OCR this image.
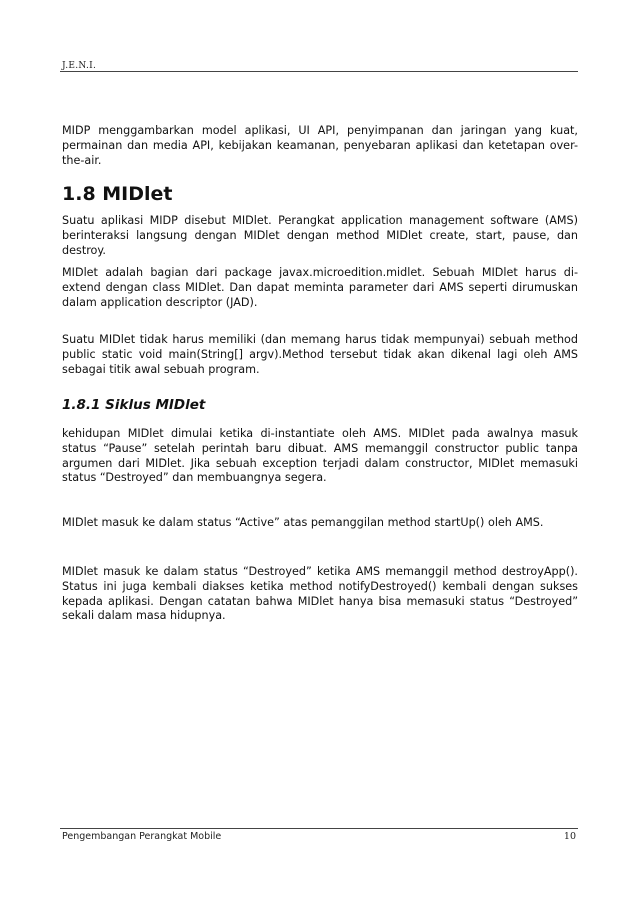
J.E.N.I.

MIDP menggambarkan model aplikasi, UI API, penyimpanan dan jaringan yang kuat, permainan dan media API, kebijakan keamanan, penyebaran aplikasi dan ketetapan over-the-air.

1.8 MIDlet

Suatu aplikasi MIDP disebut MIDlet. Perangkat application management software (AMS) berinteraksi langsung dengan MIDlet dengan method MIDlet create, start, pause, dan destroy.

MIDlet adalah bagian dari package javax.microedition.midlet. Sebuah MIDlet harus di-extend dengan class MIDlet. Dan dapat meminta parameter dari AMS seperti dirumuskan dalam application descriptor (JAD).

Suatu MIDlet tidak harus memiliki (dan memang harus tidak mempunyai) sebuah method public static void main(String[] argv).Method tersebut tidak akan dikenal lagi oleh AMS sebagai titik awal sebuah program.

1.8.1 Siklus MIDlet

kehidupan MIDlet dimulai ketika di-instantiate oleh AMS. MIDlet pada awalnya masuk status “Pause” setelah perintah baru dibuat. AMS memanggil constructor public tanpa argumen dari MIDlet. Jika sebuah exception terjadi dalam constructor, MIDlet memasuki status “Destroyed” dan membuangnya segera.

MIDlet masuk ke dalam status “Active” atas pemanggilan method startUp() oleh AMS.

MIDlet masuk ke dalam status “Destroyed” ketika AMS memanggil method destroyApp(). Status ini juga kembali diakses ketika method notifyDestroyed() kembali dengan sukses kepada aplikasi. Dengan catatan bahwa MIDlet hanya bisa memasuki status “Destroyed” sekali dalam masa hidupnya.

Pengembangan Perangkat Mobile	10
